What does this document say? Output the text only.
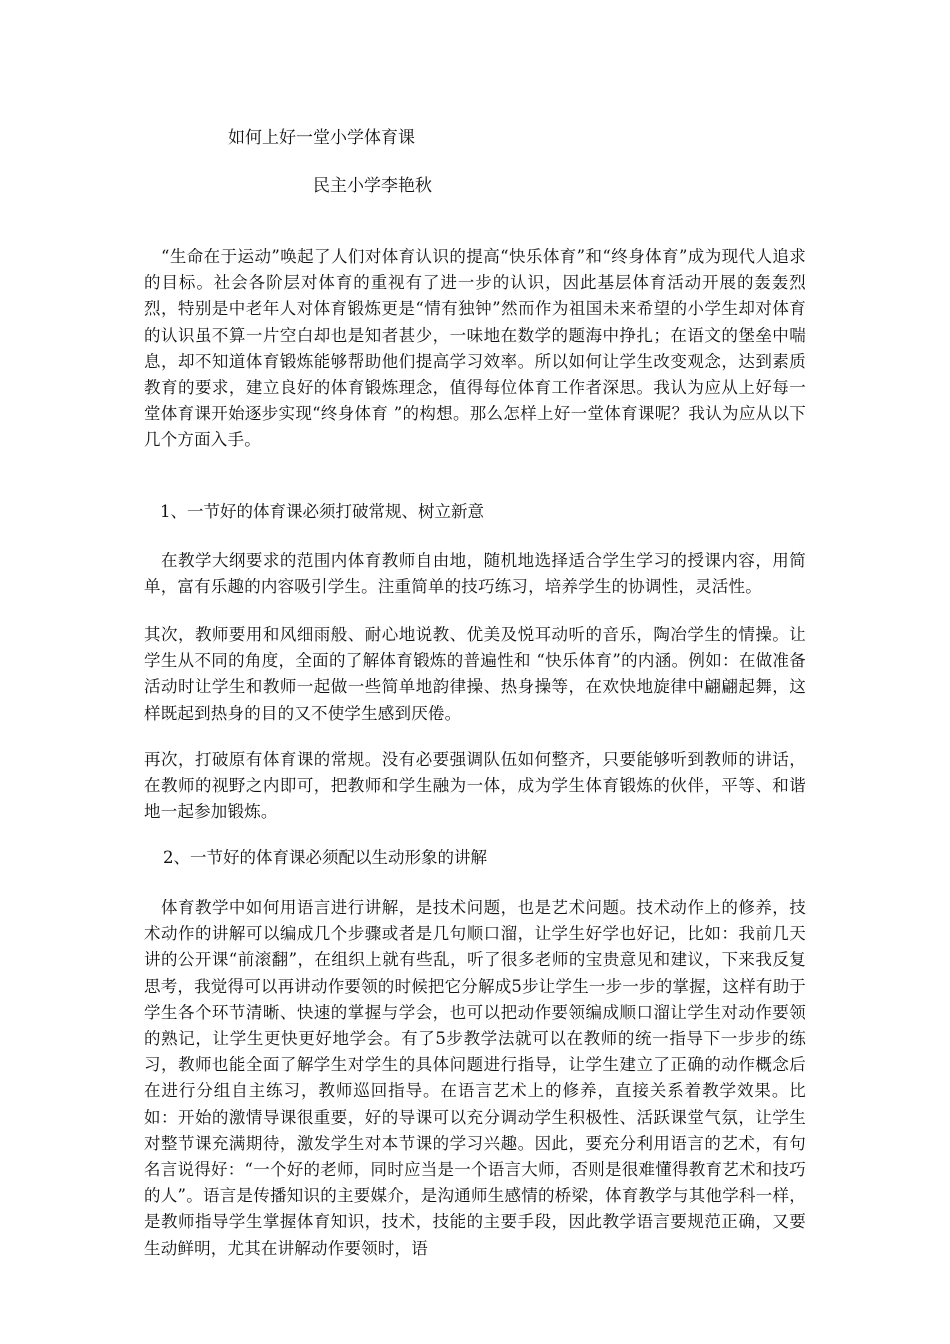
如何上好一堂小学体育课
民主小学李艳秋

“生命在于运动”唤起了人们对体育认识的提高“快乐体育”和“终身体育”成为现代人追求的目标。社会各阶层对体育的重视有了进一步的认识，因此基层体育活动开展的轰轰烈烈，特别是中老年人对体育锻炼更是“情有独钟”然而作为祖国未来希望的小学生却对体育的认识虽不算一片空白却也是知者甚少，一味地在数学的题海中挣扎；在语文的堡垒中喘息，却不知道体育锻炼能够帮助他们提高学习效率。所以如何让学生改变观念，达到素质教育的要求，建立良好的体育锻炼理念，值得每位体育工作者深思。我认为应从上好每一堂体育课开始逐步实现“终身体育 ”的构想。那么怎样上好一堂体育课呢？我认为应从以下几个方面入手。

1、一节好的体育课必须打破常规、树立新意

在教学大纲要求的范围内体育教师自由地，随机地选择适合学生学习的授课内容，用简单，富有乐趣的内容吸引学生。注重简单的技巧练习，培养学生的协调性，灵活性。

其次，教师要用和风细雨般、耐心地说教、优美及悦耳动听的音乐，陶冶学生的情操。让学生从不同的角度，全面的了解体育锻炼的普遍性和 “快乐体育”的内涵。例如：在做准备活动时让学生和教师一起做一些简单地韵律操、热身操等，在欢快地旋律中翩翩起舞，这样既起到热身的目的又不使学生感到厌倦。

再次，打破原有体育课的常规。没有必要强调队伍如何整齐，只要能够听到教师的讲话，在教师的视野之内即可，把教师和学生融为一体，成为学生体育锻炼的伙伴，平等、和谐地一起参加锻炼。

2、一节好的体育课必须配以生动形象的讲解

体育教学中如何用语言进行讲解，是技术问题，也是艺术问题。技术动作上的修养，技术动作的讲解可以编成几个步骤或者是几句顺口溜，让学生好学也好记，比如：我前几天讲的公开课“前滚翻”，在组织上就有些乱，听了很多老师的宝贵意见和建议，下来我反复思考，我觉得可以再讲动作要领的时候把它分解成5步让学生一步一步的掌握，这样有助于学生各个环节清晰、快速的掌握与学会，也可以把动作要领编成顺口溜让学生对动作要领的熟记，让学生更快更好地学会。有了5步教学法就可以在教师的统一指导下一步步的练习，教师也能全面了解学生对学生的具体问题进行指导，让学生建立了正确的动作概念后在进行分组自主练习，教师巡回指导。在语言艺术上的修养，直接关系着教学效果。比如：开始的激情导课很重要，好的导课可以充分调动学生积极性、活跃课堂气氛，让学生对整节课充满期待，激发学生对本节课的学习兴趣。因此，要充分利用语言的艺术，有句名言说得好：“一个好的老师，同时应当是一个语言大师，否则是很难懂得教育艺术和技巧的人”。语言是传播知识的主要媒介，是沟通师生感情的桥梁，体育教学与其他学科一样，是教师指导学生掌握体育知识，技术，技能的主要手段，因此教学语言要规范正确，又要生动鲜明，尤其在讲解动作要领时，语
